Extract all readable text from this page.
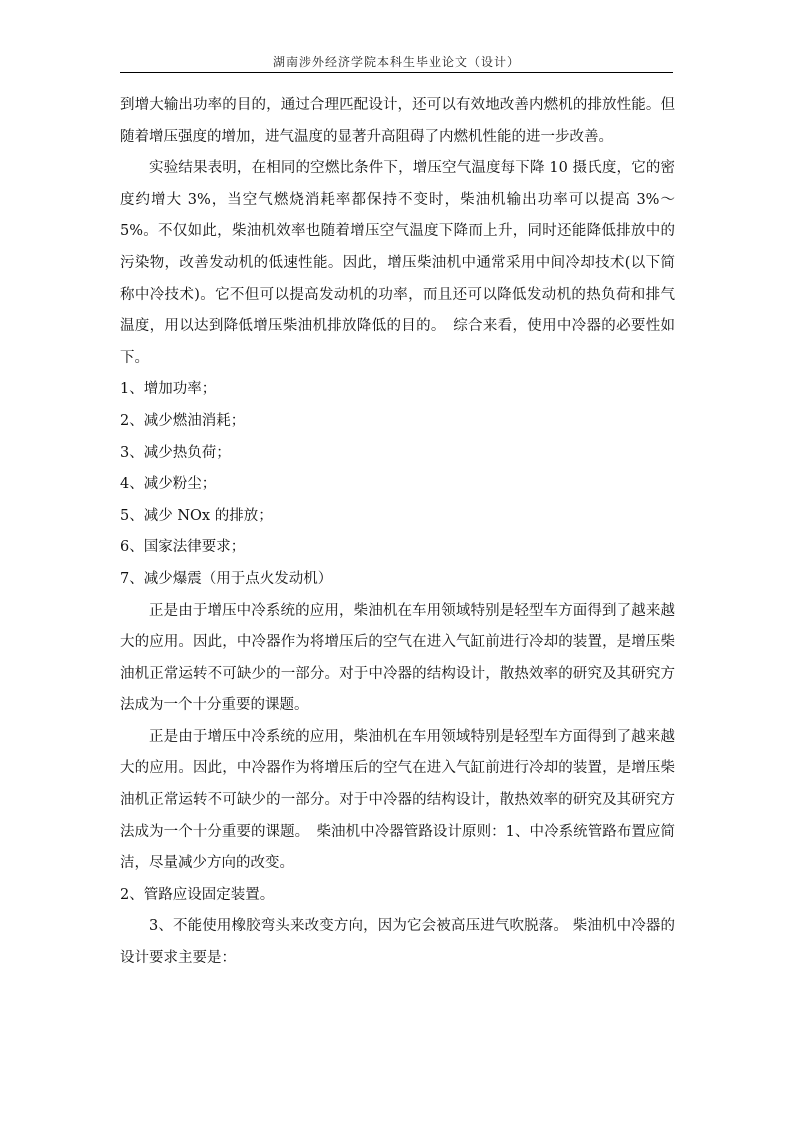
湖南涉外经济学院本科生毕业论文（设计）

到增大输出功率的目的，通过合理匹配设计，还可以有效地改善内燃机的排放性能。但随着增压强度的增加，进气温度的显著升高阻碍了内燃机性能的进一步改善。

实验结果表明，在相同的空燃比条件下，增压空气温度每下降 10 摄氏度，它的密度约增大 3%，当空气燃烧消耗率都保持不变时，柴油机输出功率可以提高 3%～5%。不仅如此，柴油机效率也随着增压空气温度下降而上升，同时还能降低排放中的污染物，改善发动机的低速性能。因此，增压柴油机中通常采用中间冷却技术(以下简称中冷技术)。它不但可以提高发动机的功率，而且还可以降低发动机的热负荷和排气温度，用以达到降低增压柴油机排放降低的目的。　综合来看，使用中冷器的必要性如下。

1、增加功率；

2、减少燃油消耗；

3、减少热负荷；

4、减少粉尘；

5、减少 NOx 的排放；

6、国家法律要求；

7、减少爆震（用于点火发动机）

正是由于增压中冷系统的应用，柴油机在车用领域特别是轻型车方面得到了越来越大的应用。因此，中冷器作为将增压后的空气在进入气缸前进行冷却的装置，是增压柴油机正常运转不可缺少的一部分。对于中冷器的结构设计，散热效率的研究及其研究方法成为一个十分重要的课题。

正是由于增压中冷系统的应用，柴油机在车用领域特别是轻型车方面得到了越来越大的应用。因此，中冷器作为将增压后的空气在进入气缸前进行冷却的装置，是增压柴油机正常运转不可缺少的一部分。对于中冷器的结构设计，散热效率的研究及其研究方法成为一个十分重要的课题。　柴油机中冷器管路设计原则：1、中冷系统管路布置应简洁，尽量减少方向的改变。

2、管路应设固定装置。

3、不能使用橡胶弯头来改变方向，因为它会被高压进气吹脱落。 柴油机中冷器的设计要求主要是：
